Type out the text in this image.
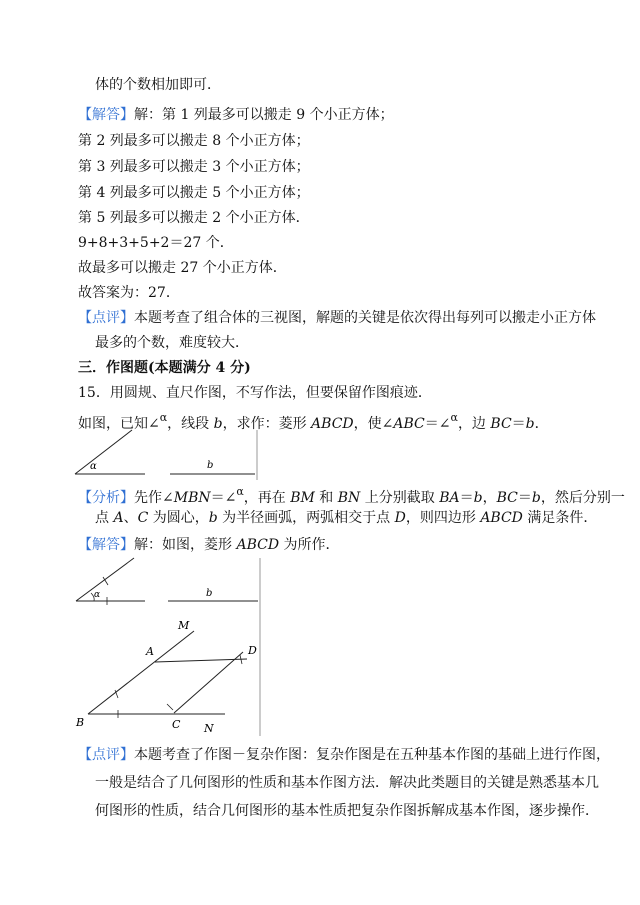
体的个数相加即可．
【解答】解：第 1 列最多可以搬走 9 个小正方体；
第 2 列最多可以搬走 8 个小正方体；
第 3 列最多可以搬走 3 个小正方体；
第 4 列最多可以搬走 5 个小正方体；
第 5 列最多可以搬走 2 个小正方体．
9+8+3+5+2＝27 个．
故最多可以搬走 27 个小正方体．
故答案为：27．
【点评】本题考查了组合体的三视图，解题的关键是依次得出每列可以搬走小正方体
最多的个数，难度较大．
三．作图题(本题满分 4 分)
15．用圆规、直尺作图，不写作法，但要保留作图痕迹．
如图，已知∠$^\alpha$，线段 b，求作：菱形 ABCD，使∠ABC＝∠$^\alpha$，边 BC＝b．
α	b
【分析】先作∠MBN＝∠$^\alpha$，再在 BM 和 BN 上分别截取 BA＝b，BC＝b，然后分别一
点 A、C 为圆心，b 为半径画弧，两弧相交于点 D，则四边形 ABCD 满足条件．
【解答】解：如图，菱形 ABCD 为所作．
α	b
M
A	D
B	C N
【点评】本题考查了作图－复杂作图：复杂作图是在五种基本作图的基础上进行作图，
一般是结合了几何图形的性质和基本作图方法．解决此类题目的关键是熟悉基本几
何图形的性质，结合几何图形的基本性质把复杂作图拆解成基本作图，逐步操作．
